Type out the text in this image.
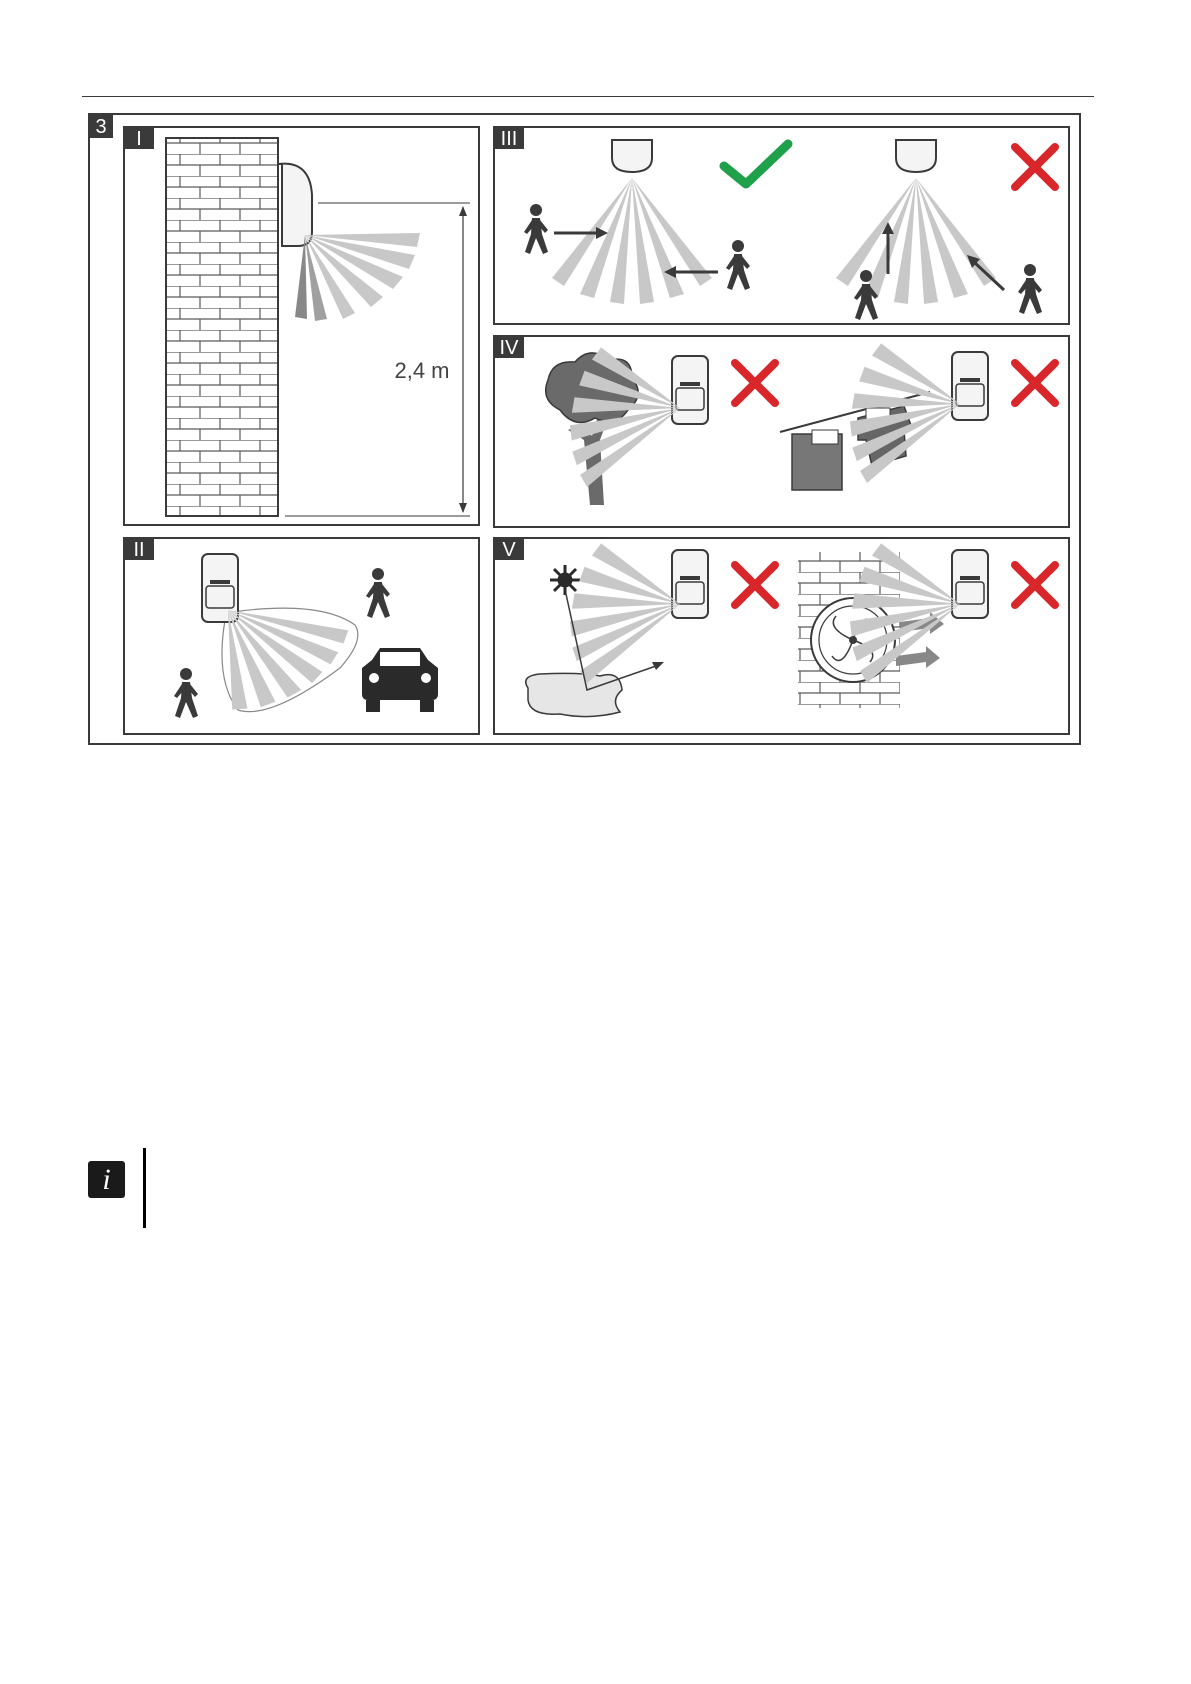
3
I
2,4 m
III
IV
II	V
i
